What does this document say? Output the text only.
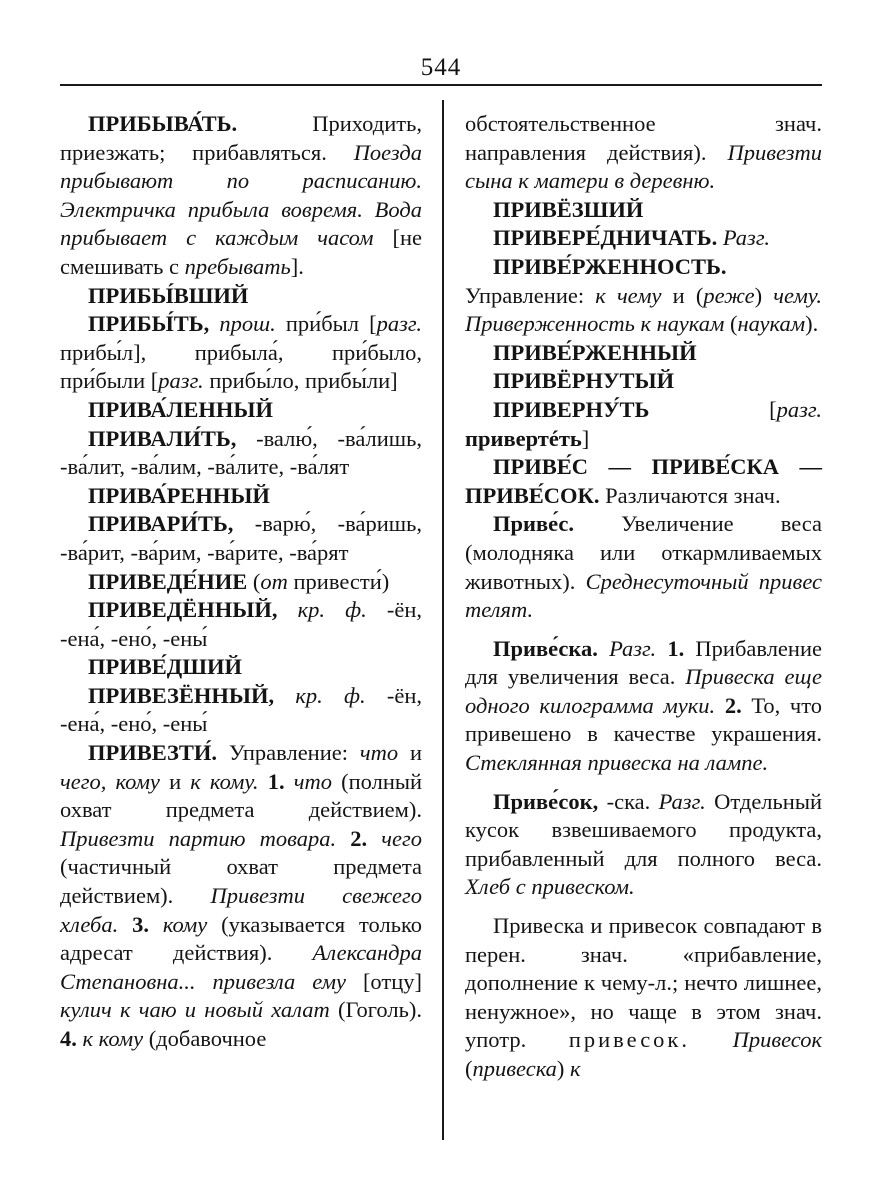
544

ПРИБЫВА́ТЬ. Приходить, приезжать; прибавляться. Поезда прибывают по расписанию. Электричка прибыла вовремя. Вода прибывает с каждым часом [не смешивать с пребывать].

ПРИБЫ́ВШИЙ

ПРИБЫ́ТЬ, прош. при́был [разг. прибы́л], прибыла́, при́было, при́были [разг. прибы́ло, прибы́ли]

ПРИВА́ЛЕННЫЙ

ПРИВАЛИ́ТЬ, -валю́, -ва́лишь, -ва́лит, -ва́лим, -ва́лите, -ва́лят

ПРИВА́РЕННЫЙ

ПРИВАРИ́ТЬ, -варю́, -ва́ришь, -ва́рит, -ва́рим, -ва́рите, -ва́рят

ПРИВЕДЕ́НИЕ (от привести́)

ПРИВЕДЁННЫЙ, кр. ф. -ён, -ена́, -ено́, -ены́

ПРИВЕ́ДШИЙ

ПРИВЕЗЁННЫЙ, кр. ф. -ён, -ена́, -ено́, -ены́

ПРИВЕЗТИ́. Управление: что и чего, кому и к кому. 1. что (полный охват предмета действием). Привезти партию товара. 2. чего (частичный охват предмета действием). Привезти свежего хлеба. 3. кому (указывается только адресат действия). Александра Степановна... привезла ему [отцу] кулич к чаю и новый халат (Гоголь). 4. к кому (добавочное

обстоятельственное знач. направления действия). Привезти сына к матери в деревню.

ПРИВЁЗШИЙ

ПРИВЕРЕ́ДНИЧАТЬ. Разг.

ПРИВЕ́РЖЕННОСТЬ. Управление: к чему и (реже) чему. Приверженность к наукам (наукам).

ПРИВЕ́РЖЕННЫЙ

ПРИВЁРНУТЫЙ

ПРИВЕРНУ́ТЬ [разг. привертéть]

ПРИВЕ́С — ПРИВЕ́СКА — ПРИВЕ́СОК. Различаются знач.

Приве́с. Увеличение веса (молодняка или откармливаемых животных). Среднесуточный привес телят.

Приве́ска. Разг. 1. Прибавление для увеличения веса. Привеска еще одного килограмма муки. 2. То, что привешено в качестве украшения. Стеклянная привеска на лампе.

Приве́сок, -ска. Разг. Отдельный кусок взвешиваемого продукта, прибавленный для полного веса. Хлеб с привеском.

Привеска и привесок совпадают в перен. знач. «прибавление, дополнение к чему-л.; нечто лишнее, ненужное», но чаще в этом знач. употр. привесок. Привесок (привеска) к
